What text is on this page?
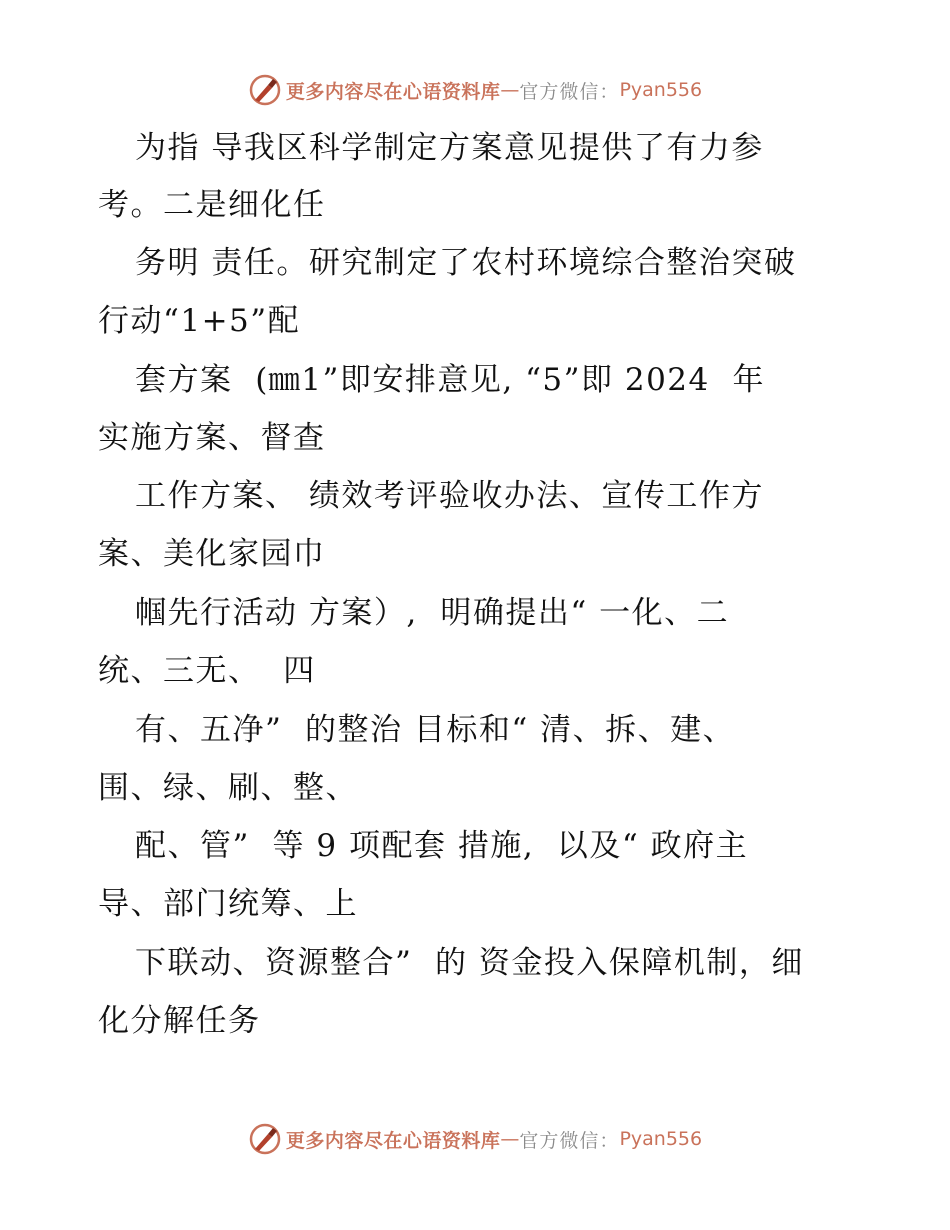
更多内容尽在心语资料库 — 官方微信： Pyan556
为指 导我区科学制定方案意见提供了有力参
考。二是细化任
务明 责任。研究制定了农村环境综合整治突破
行动“1+5”配
套方案  (㎜1”即安排意见, “5”即 2024  年
实施方案、督查
工作方案、 绩效考评验收办法、宣传工作方
案、美化家园巾
帼先行活动 方案）,  明确提出“ 一化、二
统、三无、  四
有、五净”  的整治 目标和“ 清、拆、建、
围、绿、刷、整、
配、管”  等 9 项配套 措施,  以及“ 政府主
导、部门统筹、上
下联动、资源整合”  的 资金投入保障机制，细
化分解任务
更多内容尽在心语资料库 — 官方微信： Pyan556
